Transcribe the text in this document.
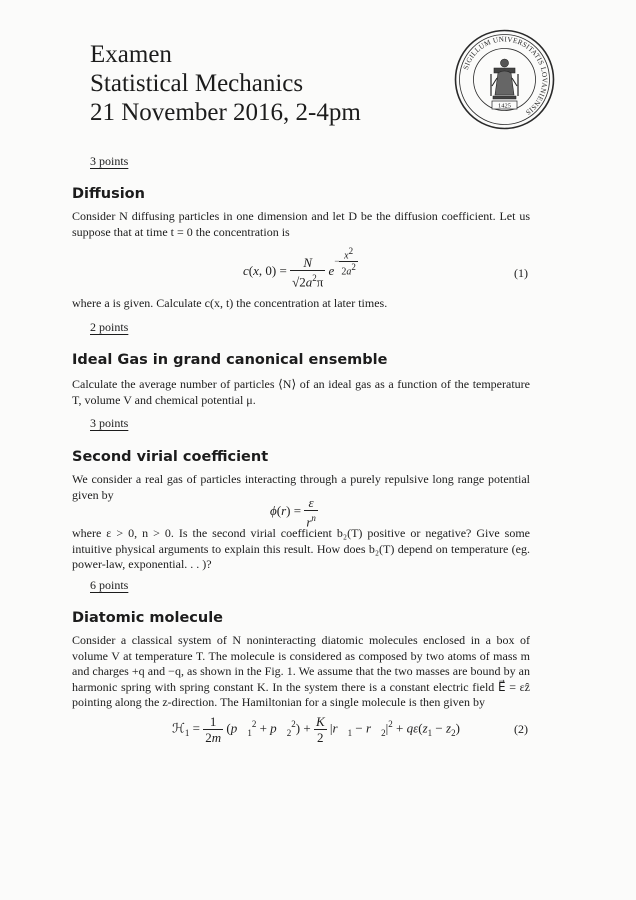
Examen
Statistical Mechanics
21 November 2016, 2-4pm
SIGILLUM UNIVERSITATIS LOVANIENSIS
1425
3 points
Diffusion

Consider N diffusing particles in one dimension and let D be the diffusion coefficient. Let us suppose that at time t = 0 the concentration is

c(x, $0) = \frac{N}{√2a^2\pi} e^{- \frac{x^2}{2a^2}}$	(1)

where a is given. Calculate c(x, t) the concentration at later times.

2 points
Ideal Gas in grand canonical ensemble

Calculate the average number of particles ⟨N⟩ of an ideal gas as a function of the temperature T, volume V and chemical potential μ.

3 points
Second virial coefficient

We consider a real gas of particles interacting through a purely repulsive long range potential given by

$\phi(r) = \frac{\varepsilon}{r^n}$

where ε > 0, n > 0. Is the second virial coefficient b₂(T) positive or negative? Give some intuitive physical arguments to explain this result. How does b₂(T) depend on temperature (eg. power-law, exponential. . . )?

6 points
Diatomic molecule

Consider a classical system of N noninteracting diatomic molecules enclosed in a box of volume V at temperature T. The molecule is considered as composed by two atoms of mass m and charges +q and −q, as shown in the Fig. 1. We assume that the two masses are bound by an harmonic spring with spring constant K. In the system there is a constant electric field E⃗ = εẑ pointing along the z-direction. The Hamiltonian for a single molecule is then given by

ℋ$_1$ = $\frac{1}{2m}$ ($p⃗_1^2$ + $p⃗_2^2) + \frac{K}{2}$ $|r⃗_1$ − $r⃗_2|^2 + q\varepsilon(z_1 - z_2)$	(2)
